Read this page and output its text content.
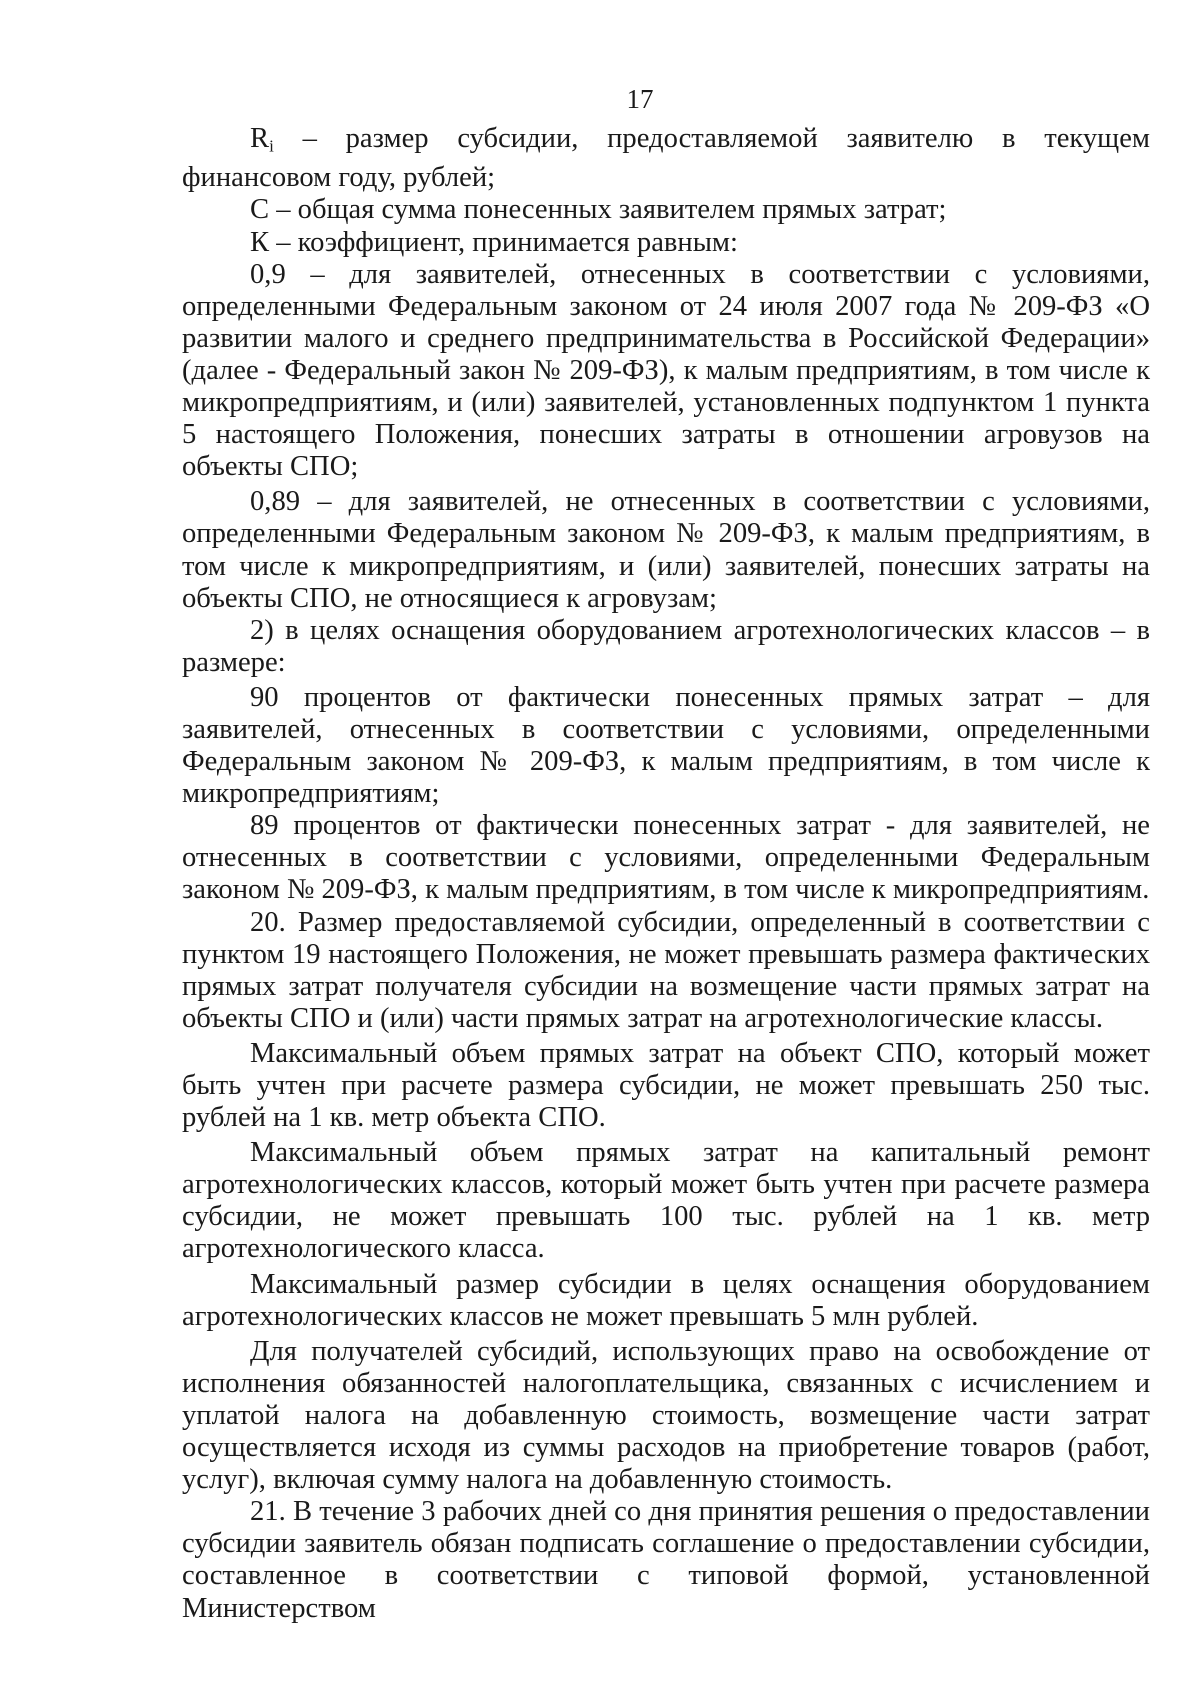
17

$R_i$ – размер субсидии, предоставляемой заявителю в текущем финансовом году, рублей;

С – общая сумма понесенных заявителем прямых затрат;

К – коэффициент, принимается равным:

0,9 – для заявителей, отнесенных в соответствии с условиями, определенными Федеральным законом от 24 июля 2007 года № 209-ФЗ «О развитии малого и среднего предпринимательства в Российской Федерации» (далее - Федеральный закон № 209-ФЗ), к малым предприятиям, в том числе к микропредприятиям, и (или) заявителей, установленных подпунктом 1 пункта 5 настоящего Положения, понесших затраты в отношении агровузов на объекты СПО;

0,89 – для заявителей, не отнесенных в соответствии с условиями, определенными Федеральным законом № 209-ФЗ, к малым предприятиям, в том числе к микропредприятиям, и (или) заявителей, понесших затраты на объекты СПО, не относящиеся к агровузам;

2) в целях оснащения оборудованием агротехнологических классов – в размере:

90 процентов от фактически понесенных прямых затрат – для заявителей, отнесенных в соответствии с условиями, определенными Федеральным законом № 209-ФЗ, к малым предприятиям, в том числе к микропредприятиям;

89 процентов от фактически понесенных затрат - для заявителей, не отнесенных в соответствии с условиями, определенными Федеральным законом № 209-ФЗ, к малым предприятиям, в том числе к микропредприятиям.

20. Размер предоставляемой субсидии, определенный в соответствии с пунктом 19 настоящего Положения, не может превышать размера фактических прямых затрат получателя субсидии на возмещение части прямых затрат на объекты СПО и (или) части прямых затрат на агротехнологические классы.

Максимальный объем прямых затрат на объект СПО, который может быть учтен при расчете размера субсидии, не может превышать 250 тыс. рублей на 1 кв. метр объекта СПО.

Максимальный объем прямых затрат на капитальный ремонт агротехнологических классов, который может быть учтен при расчете размера субсидии, не может превышать 100 тыс. рублей на 1 кв. метр агротехнологического класса.

Максимальный размер субсидии в целях оснащения оборудованием агротехнологических классов не может превышать 5 млн рублей.

Для получателей субсидий, использующих право на освобождение от исполнения обязанностей налогоплательщика, связанных с исчислением и уплатой налога на добавленную стоимость, возмещение части затрат осуществляется исходя из суммы расходов на приобретение товаров (работ, услуг), включая сумму налога на добавленную стоимость.

21. В течение 3 рабочих дней со дня принятия решения о предоставлении субсидии заявитель обязан подписать соглашение о предоставлении субсидии, составленное в соответствии с типовой формой, установленной Министерством
